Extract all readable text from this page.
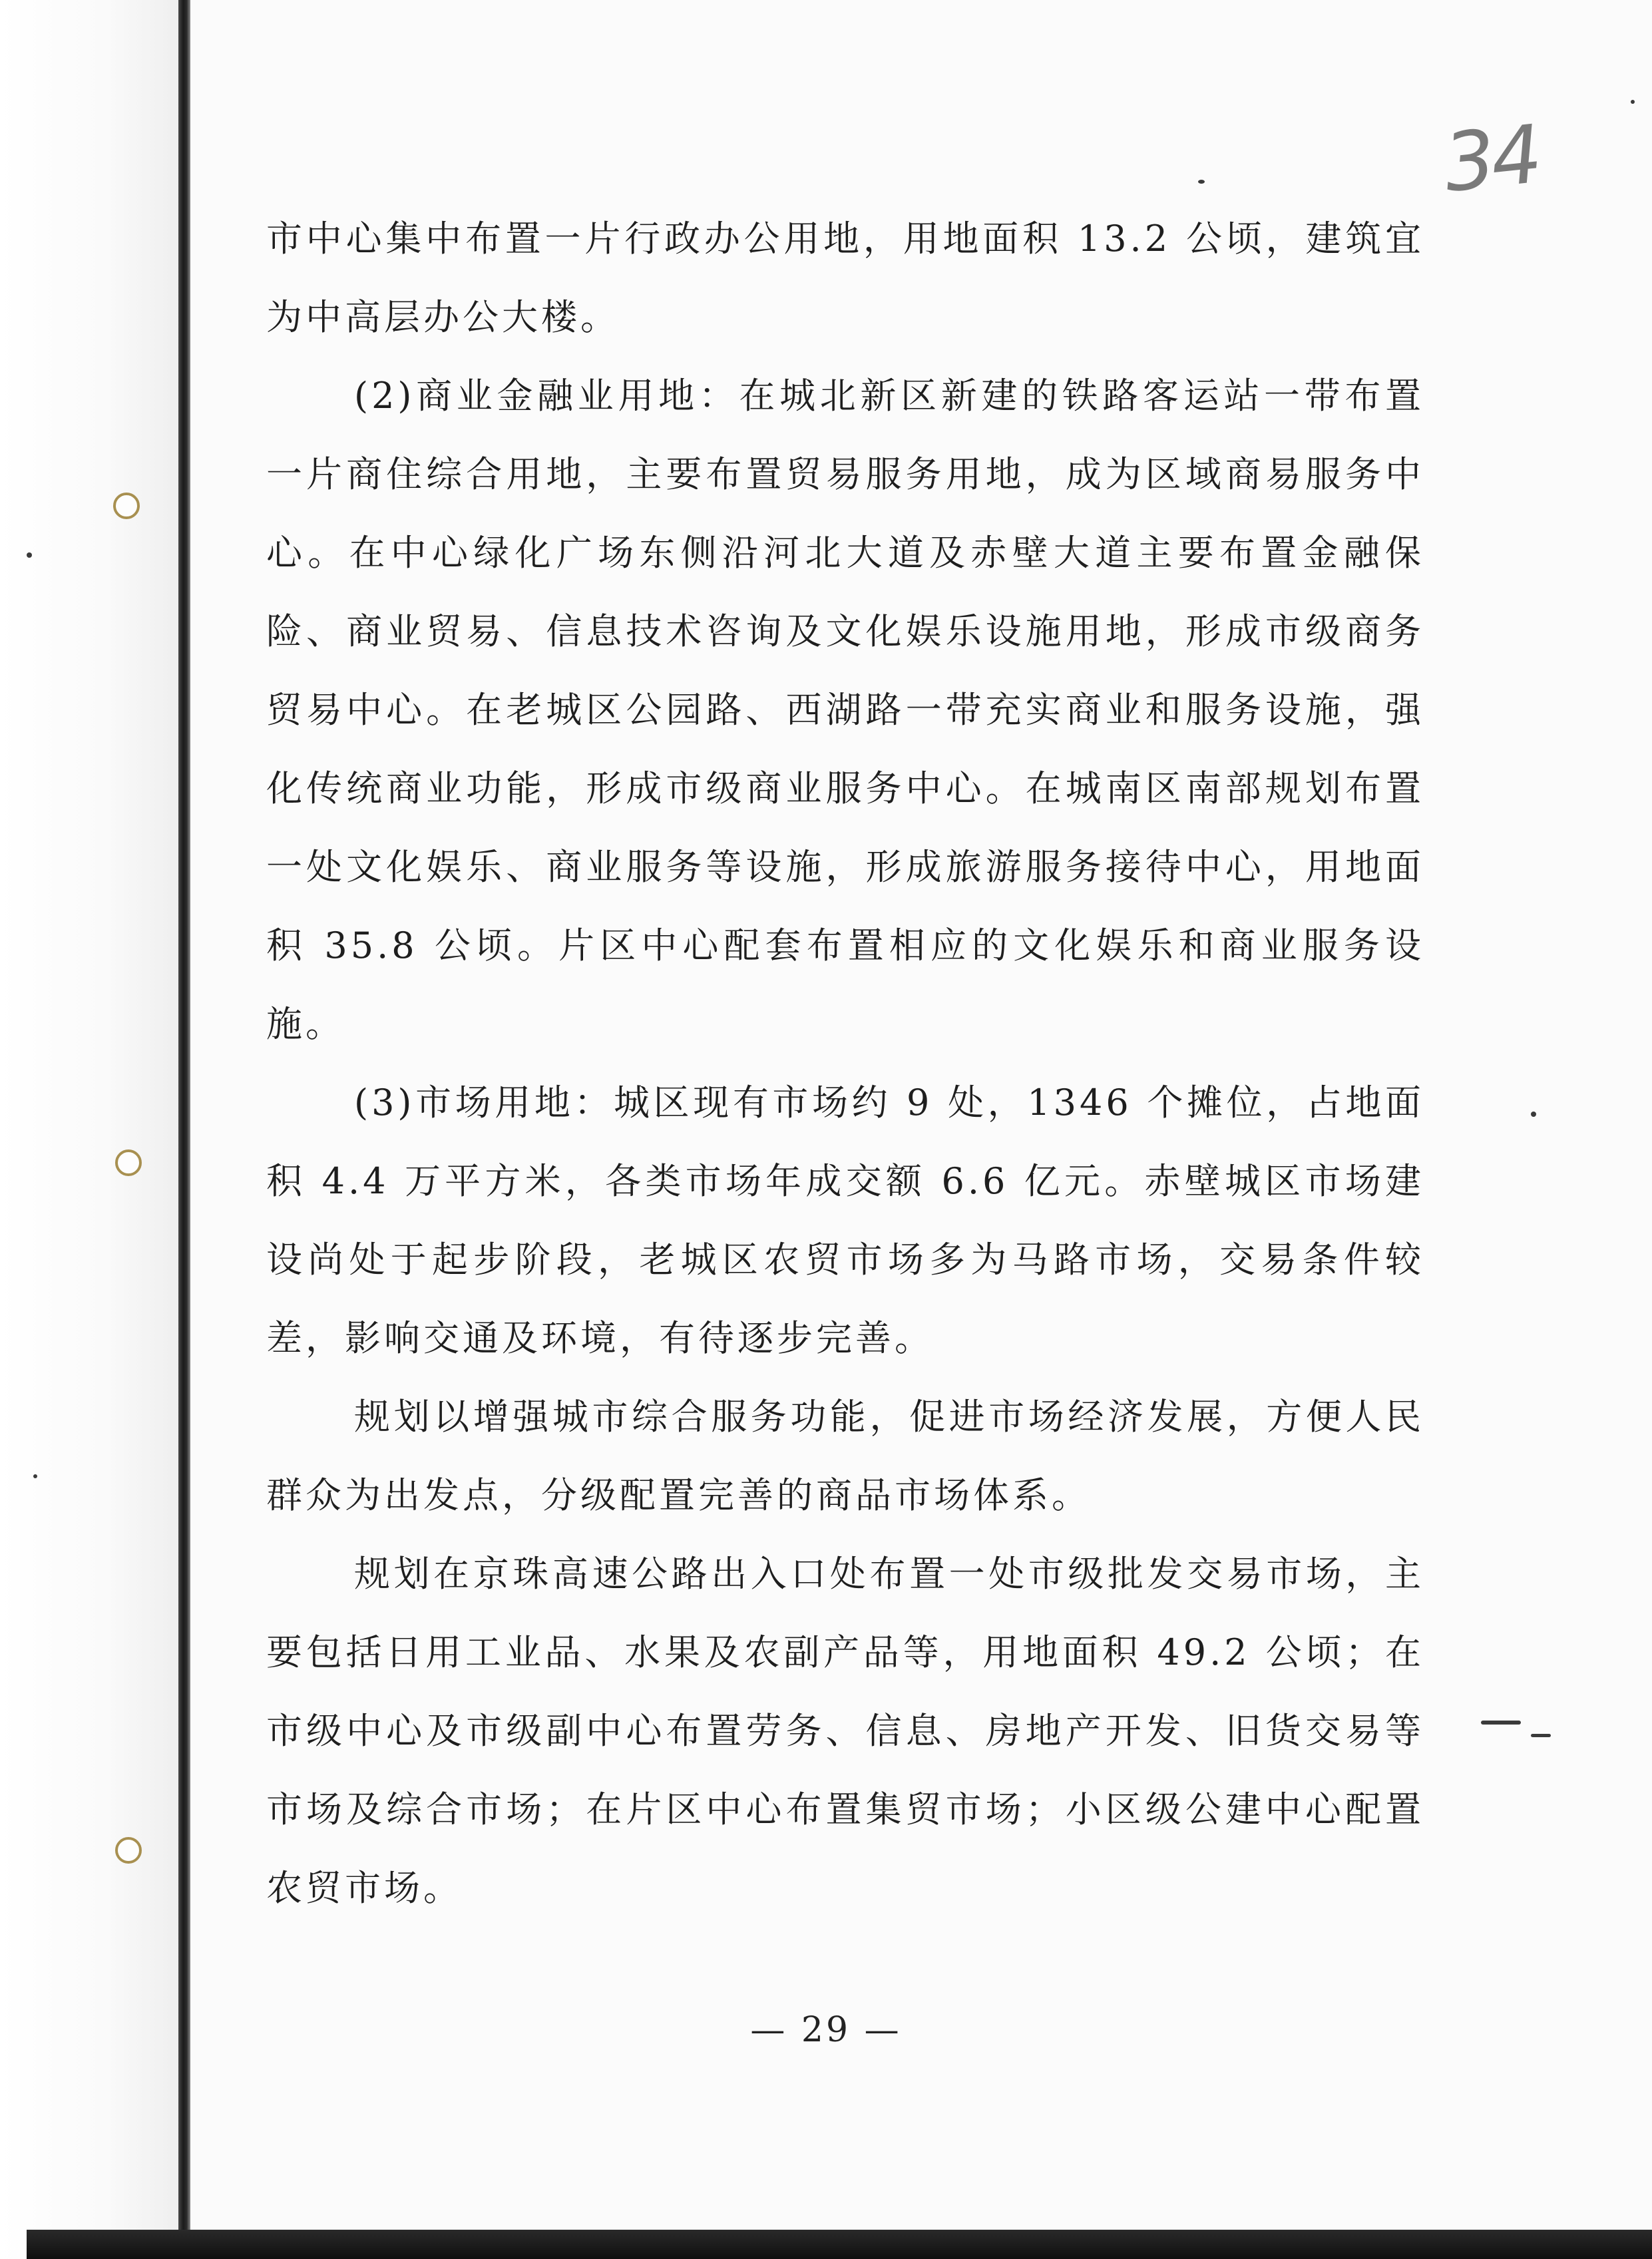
34

市中心集中布置一片行政办公用地，用地面积 13.2 公顷，建筑宜为中高层办公大楼。

(2)商业金融业用地：在城北新区新建的铁路客运站一带布置一片商住综合用地，主要布置贸易服务用地，成为区域商易服务中心。在中心绿化广场东侧沿河北大道及赤壁大道主要布置金融保险、商业贸易、信息技术咨询及文化娱乐设施用地，形成市级商务贸易中心。在老城区公园路、西湖路一带充实商业和服务设施，强化传统商业功能，形成市级商业服务中心。在城南区南部规划布置一处文化娱乐、商业服务等设施，形成旅游服务接待中心，用地面积 35.8 公顷。片区中心配套布置相应的文化娱乐和商业服务设施。

(3)市场用地：城区现有市场约 9 处，1346 个摊位，占地面积 4.4 万平方米，各类市场年成交额 6.6 亿元。赤壁城区市场建设尚处于起步阶段，老城区农贸市场多为马路市场，交易条件较差，影响交通及环境，有待逐步完善。

规划以增强城市综合服务功能，促进市场经济发展，方便人民群众为出发点，分级配置完善的商品市场体系。

规划在京珠高速公路出入口处布置一处市级批发交易市场，主要包括日用工业品、水果及农副产品等，用地面积 49.2 公顷；在市级中心及市级副中心布置劳务、信息、房地产开发、旧货交易等市场及综合市场；在片区中心布置集贸市场；小区级公建中心配置农贸市场。

— 29 —
